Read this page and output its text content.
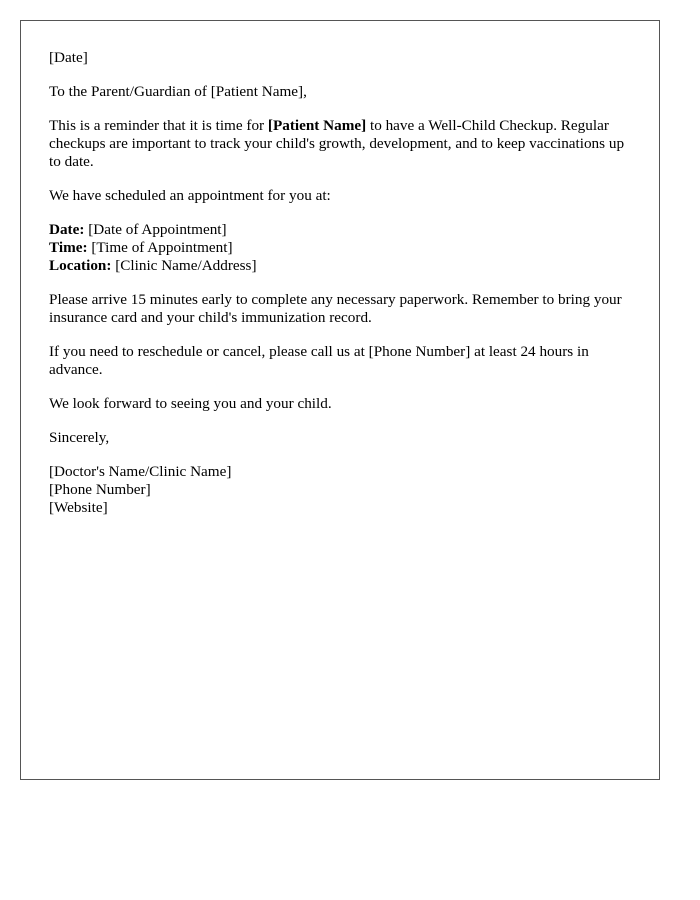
[Date]

To the Parent/Guardian of [Patient Name],

This is a reminder that it is time for [Patient Name] to have a Well-Child Checkup. Regular checkups are important to track your child's growth, development, and to keep vaccinations up to date.

We have scheduled an appointment for you at:

Date: [Date of Appointment]
Time: [Time of Appointment]
Location: [Clinic Name/Address]

Please arrive 15 minutes early to complete any necessary paperwork. Remember to bring your insurance card and your child's immunization record.

If you need to reschedule or cancel, please call us at [Phone Number] at least 24 hours in advance.

We look forward to seeing you and your child.

Sincerely,

[Doctor's Name/Clinic Name]
[Phone Number]
[Website]
